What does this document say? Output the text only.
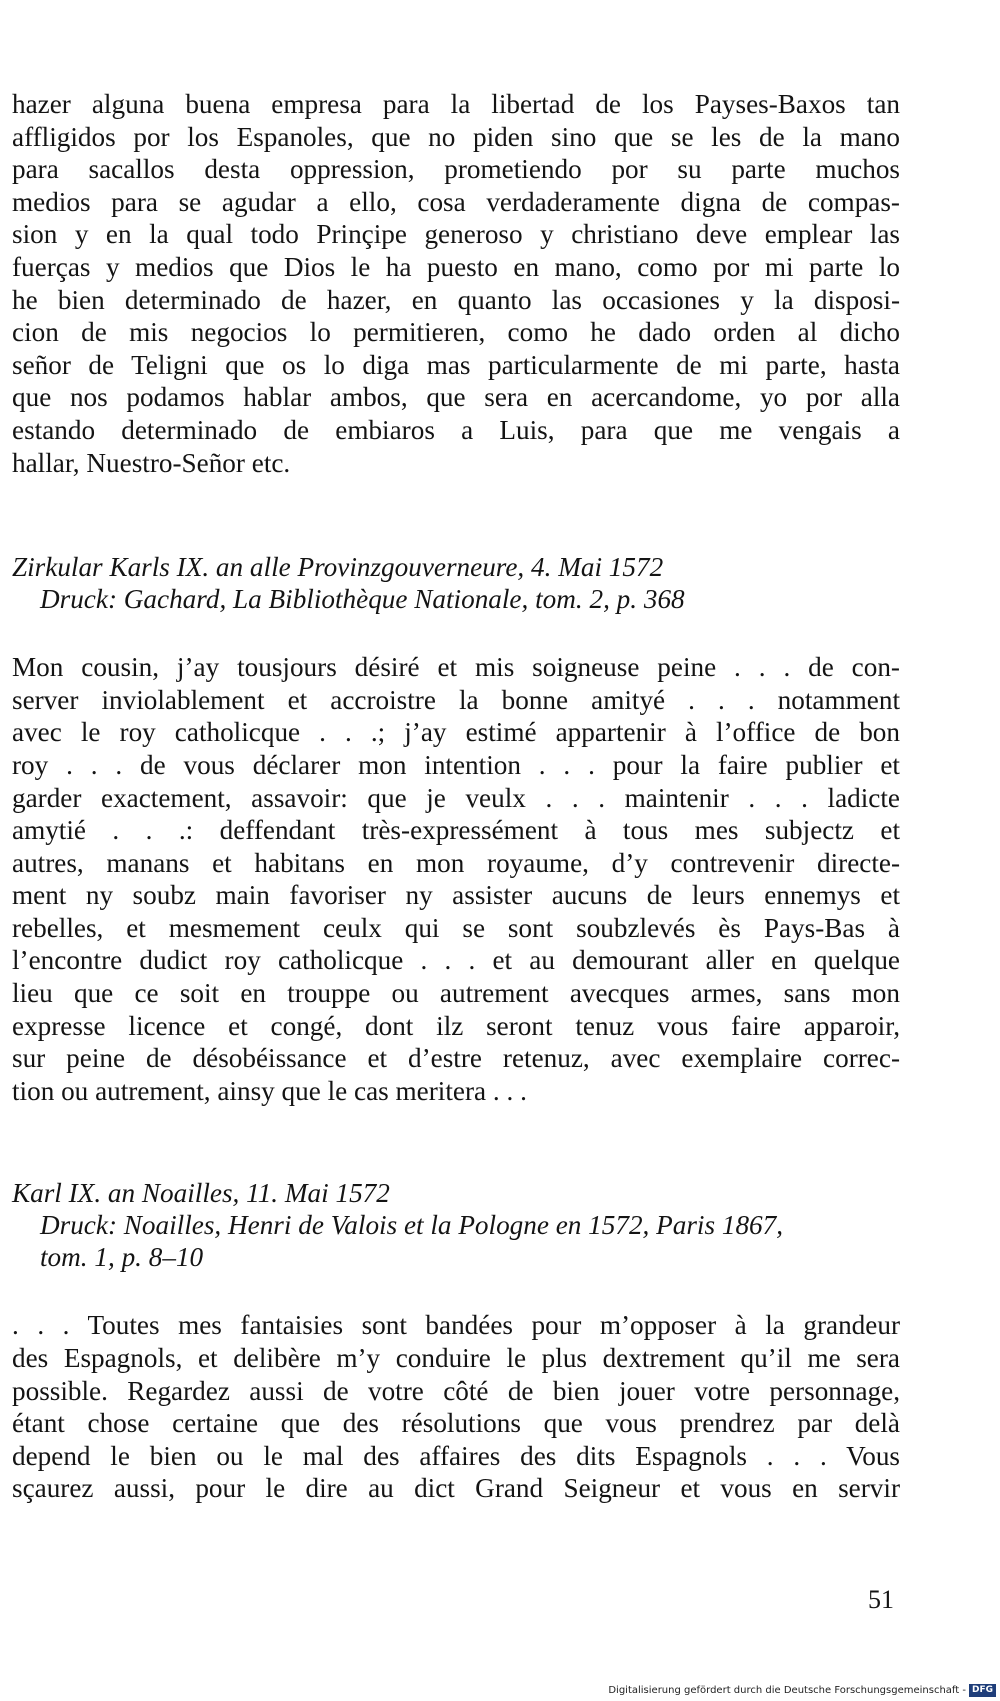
hazer alguna buena empresa para la libertad de los Payses-Baxos tan
affligidos por los Espanoles, que no piden sino que se les de la mano
para sacallos desta oppression, prometiendo por su parte muchos
medios para se agudar a ello, cosa verdaderamente digna de compas-
sion y en la qual todo Prinçipe generoso y christiano deve emplear las
fuerças y medios que Dios le ha puesto en mano, como por mi parte lo
he bien determinado de hazer, en quanto las occasiones y la disposi-
cion de mis negocios lo permitieren, como he dado orden al dicho
señor de Teligni que os lo diga mas particularmente de mi parte, hasta
que nos podamos hablar ambos, que sera en acercandome, yo por alla
estando determinado de embiaros a Luis, para que me vengais a
hallar, Nuestro-Señor etc.
Zirkular Karls IX. an alle Provinzgouverneure, 4. Mai 1572
Druck: Gachard, La Bibliothèque Nationale, tom. 2, p. 368
Mon cousin, j’ay tousjours désiré et mis soigneuse peine . . . de con-
server inviolablement et accroistre la bonne amityé . . . notamment
avec le roy catholicque . . .; j’ay estimé appartenir à l’office de bon
roy . . . de vous déclarer mon intention . . . pour la faire publier et
garder exactement, assavoir: que je veulx . . . maintenir . . . ladicte
amytié . . .: deffendant très-expressément à tous mes subjectz et
autres, manans et habitans en mon royaume, d’y contrevenir directe-
ment ny soubz main favoriser ny assister aucuns de leurs ennemys et
rebelles, et mesmement ceulx qui se sont soubzlevés ès Pays-Bas à
l’encontre dudict roy catholicque . . . et au demourant aller en quelque
lieu que ce soit en trouppe ou autrement avecques armes, sans mon
expresse licence et congé, dont ilz seront tenuz vous faire apparoir,
sur peine de désobéissance et d’estre retenuz, avec exemplaire correc-
tion ou autrement, ainsy que le cas meritera . . .
Karl IX. an Noailles, 11. Mai 1572
Druck: Noailles, Henri de Valois et la Pologne en 1572, Paris 1867,
tom. 1, p. 8–10
. . . Toutes mes fantaisies sont bandées pour m’opposer à la grandeur
des Espagnols, et delibère m’y conduire le plus dextrement qu’il me sera
possible. Regardez aussi de votre côté de bien jouer votre personnage,
étant chose certaine que des résolutions que vous prendrez par delà
depend le bien ou le mal des affaires des dits Espagnols . . . Vous
sçaurez aussi, pour le dire au dict Grand Seigneur et vous en servir
51
Digitalisierung gefördert durch die Deutsche Forschungsgemeinschaft - DFG
